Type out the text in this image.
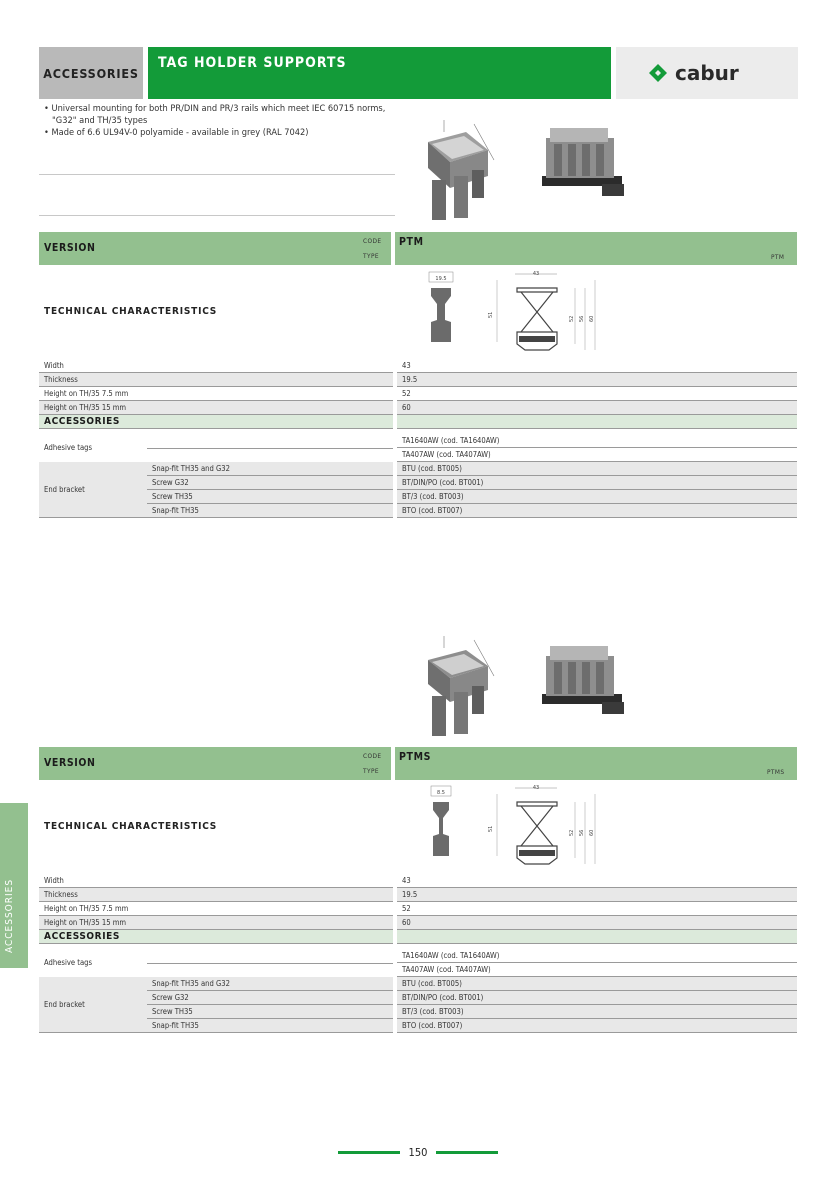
ACCESSORIES
TAG HOLDER SUPPORTS	cabur
• Universal mounting for both PR/DIN and PR/3 rails which meet IEC 60715 norms, "G32" and TH/35 types
• Made of 6.6 UL94V-0 polyamide - available in grey (RAL 7042)
VERSION
CODE
TYPE
PTM
PTM
TECHNICAL CHARACTERISTICS
19.5
43
51
52 56 60
Width	43
Thickness	19.5
Height on TH/35 7.5 mm	52
Height on TH/35 15 mm	60
ACCESSORIES	
Adhesive tags		TA1640AW (cod. TA1640AW)
		TA407AW (cod. TA407AW)
End bracket	Snap-fit TH35 and G32	BTU (cod. BT005)
	Screw G32	BT/DIN/PO (cod. BT001)
	Screw TH35	BT/3 (cod. BT003)
	Snap-fit TH35	BTO (cod. BT007)
VERSION
CODE
TYPE
PTMS
PTMS
TECHNICAL CHARACTERISTICS
8.5
43
51
52 56 60
Width	43
Thickness	19.5
Height on TH/35 7.5 mm	52
Height on TH/35 15 mm	60
ACCESSORIES	
Adhesive tags		TA1640AW (cod. TA1640AW)
		TA407AW (cod. TA407AW)
End bracket	Snap-fit TH35 and G32	BTU (cod. BT005)
	Screw G32	BT/DIN/PO (cod. BT001)
	Screw TH35	BT/3 (cod. BT003)
	Snap-fit TH35	BTO (cod. BT007)
ACCESSORIES
150
